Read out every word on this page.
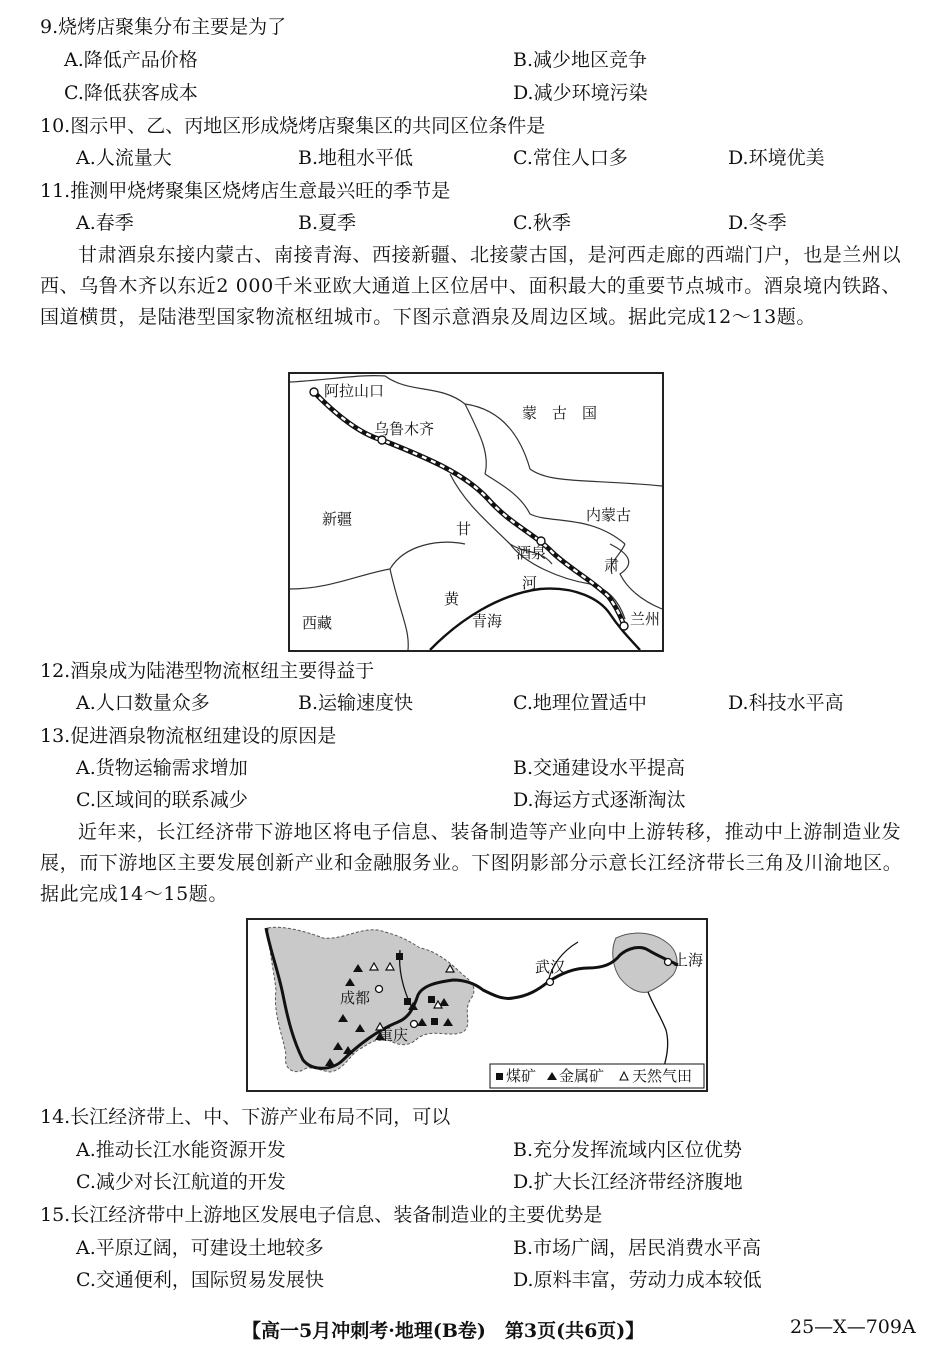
9.烧烤店聚集分布主要是为了
A.降低产品价格	B.减少地区竞争
C.降低获客成本	D.减少环境污染
10.图示甲、乙、丙地区形成烧烤店聚集区的共同区位条件是
A.人流量大	B.地租水平低	C.常住人口多	D.环境优美
11.推测甲烧烤聚集区烧烤店生意最兴旺的季节是
A.春季	B.夏季	C.秋季	D.冬季
甘肃酒泉东接内蒙古、南接青海、西接新疆、北接蒙古国，是河西走廊的西端门户，也是兰州以西、乌鲁木齐以东近2 000千米亚欧大通道上区位居中、面积最大的重要节点城市。酒泉境内铁路、国道横贯，是陆港型国家物流枢纽城市。下图示意酒泉及周边区域。据此完成12～13题。
阿拉山口
乌鲁木齐
蒙　古　国
新疆
甘
内蒙古
酒泉
肃
河
黄
青海
西藏	兰州
12.酒泉成为陆港型物流枢纽主要得益于
A.人口数量众多	B.运输速度快	C.地理位置适中	D.科技水平高
13.促进酒泉物流枢纽建设的原因是
A.货物运输需求增加	B.交通建设水平提高
C.区域间的联系减少	D.海运方式逐渐淘汰
近年来，长江经济带下游地区将电子信息、装备制造等产业向中上游转移，推动中上游制造业发展，而下游地区主要发展创新产业和金融服务业。下图阴影部分示意长江经济带长三角及川渝地区。据此完成14～15题。
成都
重庆
武汉	上海
煤矿 金属矿 天然气田
14.长江经济带上、中、下游产业布局不同，可以
A.推动长江水能资源开发	B.充分发挥流域内区位优势
C.减少对长江航道的开发	D.扩大长江经济带经济腹地
15.长江经济带中上游地区发展电子信息、装备制造业的主要优势是
A.平原辽阔，可建设土地较多	B.市场广阔，居民消费水平高
C.交通便利，国际贸易发展快	D.原料丰富，劳动力成本较低
【高一5月冲刺考·地理(B卷)　第3页(共6页)】	25—X—709A
